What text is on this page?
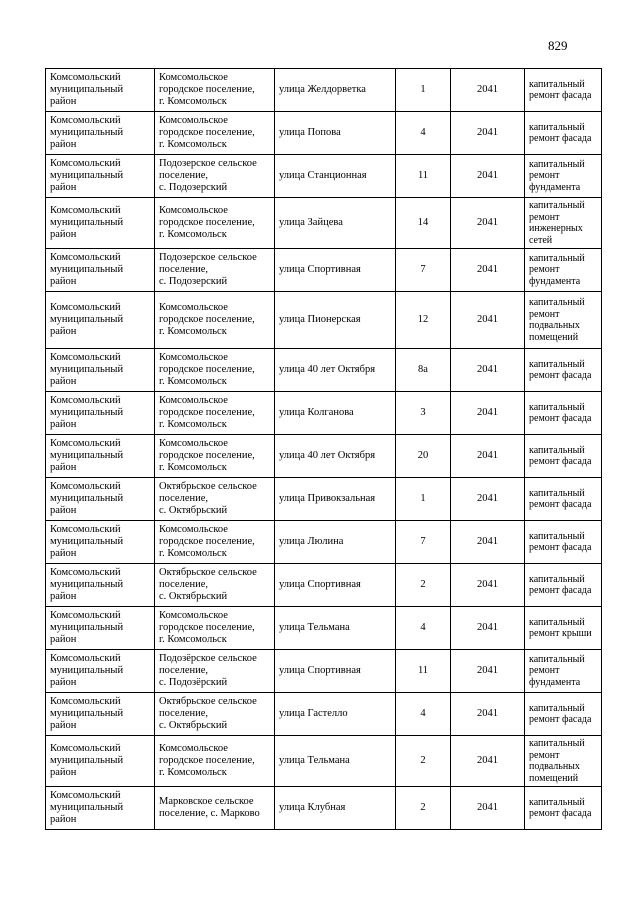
829
Комсомольский
муниципальный
район	Комсомольское
городское поселение,
г. Комсомольск	улица Желдорветка	1	2041	капитальный
ремонт фасада
Комсомольский
муниципальный
район	Комсомольское
городское поселение,
г. Комсомольск	улица Попова	4	2041	капитальный
ремонт фасада
Комсомольский
муниципальный
район	Подозерское сельское
поселение,
с. Подозерский	улица Станционная	11	2041	капитальный
ремонт
фундамента
Комсомольский
муниципальный
район	Комсомольское
городское поселение,
г. Комсомольск	улица Зайцева	14	2041	капитальный
ремонт
инженерных
сетей
Комсомольский
муниципальный
район	Подозерское сельское
поселение,
с. Подозерский	улица Спортивная	7	2041	капитальный
ремонт
фундамента
Комсомольский
муниципальный
район	Комсомольское
городское поселение,
г. Комсомольск	улица Пионерская	12	2041	капитальный
ремонт
подвальных
помещений
Комсомольский
муниципальный
район	Комсомольское
городское поселение,
г. Комсомольск	улица 40 лет Октября	8а	2041	капитальный
ремонт фасада
Комсомольский
муниципальный
район	Комсомольское
городское поселение,
г. Комсомольск	улица Колганова	3	2041	капитальный
ремонт фасада
Комсомольский
муниципальный
район	Комсомольское
городское поселение,
г. Комсомольск	улица 40 лет Октября	20	2041	капитальный
ремонт фасада
Комсомольский
муниципальный
район	Октябрьское сельское
поселение,
с. Октябрьский	улица Привокзальная	1	2041	капитальный
ремонт фасада
Комсомольский
муниципальный
район	Комсомольское
городское поселение,
г. Комсомольск	улица Люлина	7	2041	капитальный
ремонт фасада
Комсомольский
муниципальный
район	Октябрьское сельское
поселение,
с. Октябрьский	улица Спортивная	2	2041	капитальный
ремонт фасада
Комсомольский
муниципальный
район	Комсомольское
городское поселение,
г. Комсомольск	улица Тельмана	4	2041	капитальный
ремонт крыши
Комсомольский
муниципальный
район	Подозёрское сельское
поселение,
с. Подозёрский	улица Спортивная	11	2041	капитальный
ремонт
фундамента
Комсомольский
муниципальный
район	Октябрьское сельское
поселение,
с. Октябрьский	улица Гастелло	4	2041	капитальный
ремонт фасада
Комсомольский
муниципальный
район	Комсомольское
городское поселение,
г. Комсомольск	улица Тельмана	2	2041	капитальный
ремонт
подвальных
помещений
Комсомольский
муниципальный
район	Марковское сельское
поселение, с. Марково	улица Клубная	2	2041	капитальный
ремонт фасада
